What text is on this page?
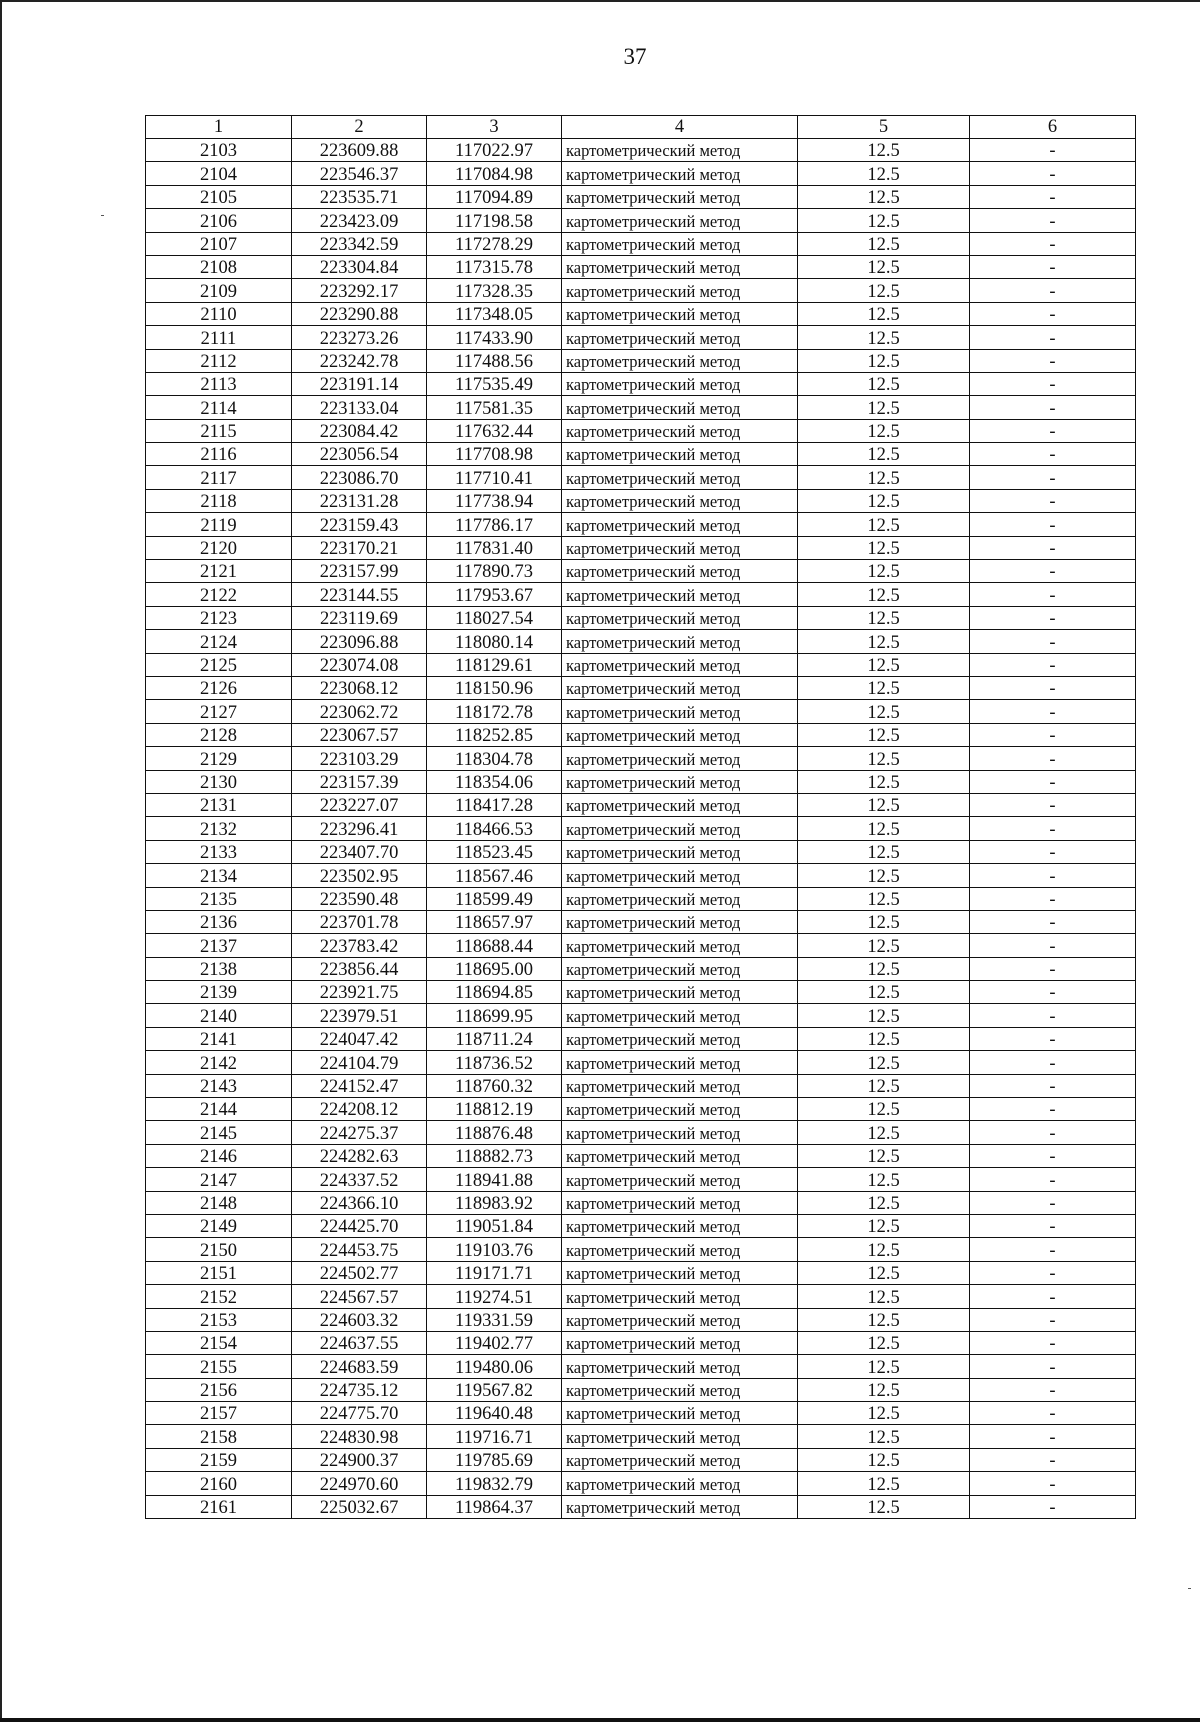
37
1	2	3	4	5	6
2103	223609.88	117022.97	картометрический метод	12.5	-
2104	223546.37	117084.98	картометрический метод	12.5	-
2105	223535.71	117094.89	картометрический метод	12.5	-
2106	223423.09	117198.58	картометрический метод	12.5	-
2107	223342.59	117278.29	картометрический метод	12.5	-
2108	223304.84	117315.78	картометрический метод	12.5	-
2109	223292.17	117328.35	картометрический метод	12.5	-
2110	223290.88	117348.05	картометрический метод	12.5	-
2111	223273.26	117433.90	картометрический метод	12.5	-
2112	223242.78	117488.56	картометрический метод	12.5	-
2113	223191.14	117535.49	картометрический метод	12.5	-
2114	223133.04	117581.35	картометрический метод	12.5	-
2115	223084.42	117632.44	картометрический метод	12.5	-
2116	223056.54	117708.98	картометрический метод	12.5	-
2117	223086.70	117710.41	картометрический метод	12.5	-
2118	223131.28	117738.94	картометрический метод	12.5	-
2119	223159.43	117786.17	картометрический метод	12.5	-
2120	223170.21	117831.40	картометрический метод	12.5	-
2121	223157.99	117890.73	картометрический метод	12.5	-
2122	223144.55	117953.67	картометрический метод	12.5	-
2123	223119.69	118027.54	картометрический метод	12.5	-
2124	223096.88	118080.14	картометрический метод	12.5	-
2125	223074.08	118129.61	картометрический метод	12.5	-
2126	223068.12	118150.96	картометрический метод	12.5	-
2127	223062.72	118172.78	картометрический метод	12.5	-
2128	223067.57	118252.85	картометрический метод	12.5	-
2129	223103.29	118304.78	картометрический метод	12.5	-
2130	223157.39	118354.06	картометрический метод	12.5	-
2131	223227.07	118417.28	картометрический метод	12.5	-
2132	223296.41	118466.53	картометрический метод	12.5	-
2133	223407.70	118523.45	картометрический метод	12.5	-
2134	223502.95	118567.46	картометрический метод	12.5	-
2135	223590.48	118599.49	картометрический метод	12.5	-
2136	223701.78	118657.97	картометрический метод	12.5	-
2137	223783.42	118688.44	картометрический метод	12.5	-
2138	223856.44	118695.00	картометрический метод	12.5	-
2139	223921.75	118694.85	картометрический метод	12.5	-
2140	223979.51	118699.95	картометрический метод	12.5	-
2141	224047.42	118711.24	картометрический метод	12.5	-
2142	224104.79	118736.52	картометрический метод	12.5	-
2143	224152.47	118760.32	картометрический метод	12.5	-
2144	224208.12	118812.19	картометрический метод	12.5	-
2145	224275.37	118876.48	картометрический метод	12.5	-
2146	224282.63	118882.73	картометрический метод	12.5	-
2147	224337.52	118941.88	картометрический метод	12.5	-
2148	224366.10	118983.92	картометрический метод	12.5	-
2149	224425.70	119051.84	картометрический метод	12.5	-
2150	224453.75	119103.76	картометрический метод	12.5	-
2151	224502.77	119171.71	картометрический метод	12.5	-
2152	224567.57	119274.51	картометрический метод	12.5	-
2153	224603.32	119331.59	картометрический метод	12.5	-
2154	224637.55	119402.77	картометрический метод	12.5	-
2155	224683.59	119480.06	картометрический метод	12.5	-
2156	224735.12	119567.82	картометрический метод	12.5	-
2157	224775.70	119640.48	картометрический метод	12.5	-
2158	224830.98	119716.71	картометрический метод	12.5	-
2159	224900.37	119785.69	картометрический метод	12.5	-
2160	224970.60	119832.79	картометрический метод	12.5	-
2161	225032.67	119864.37	картометрический метод	12.5	-
